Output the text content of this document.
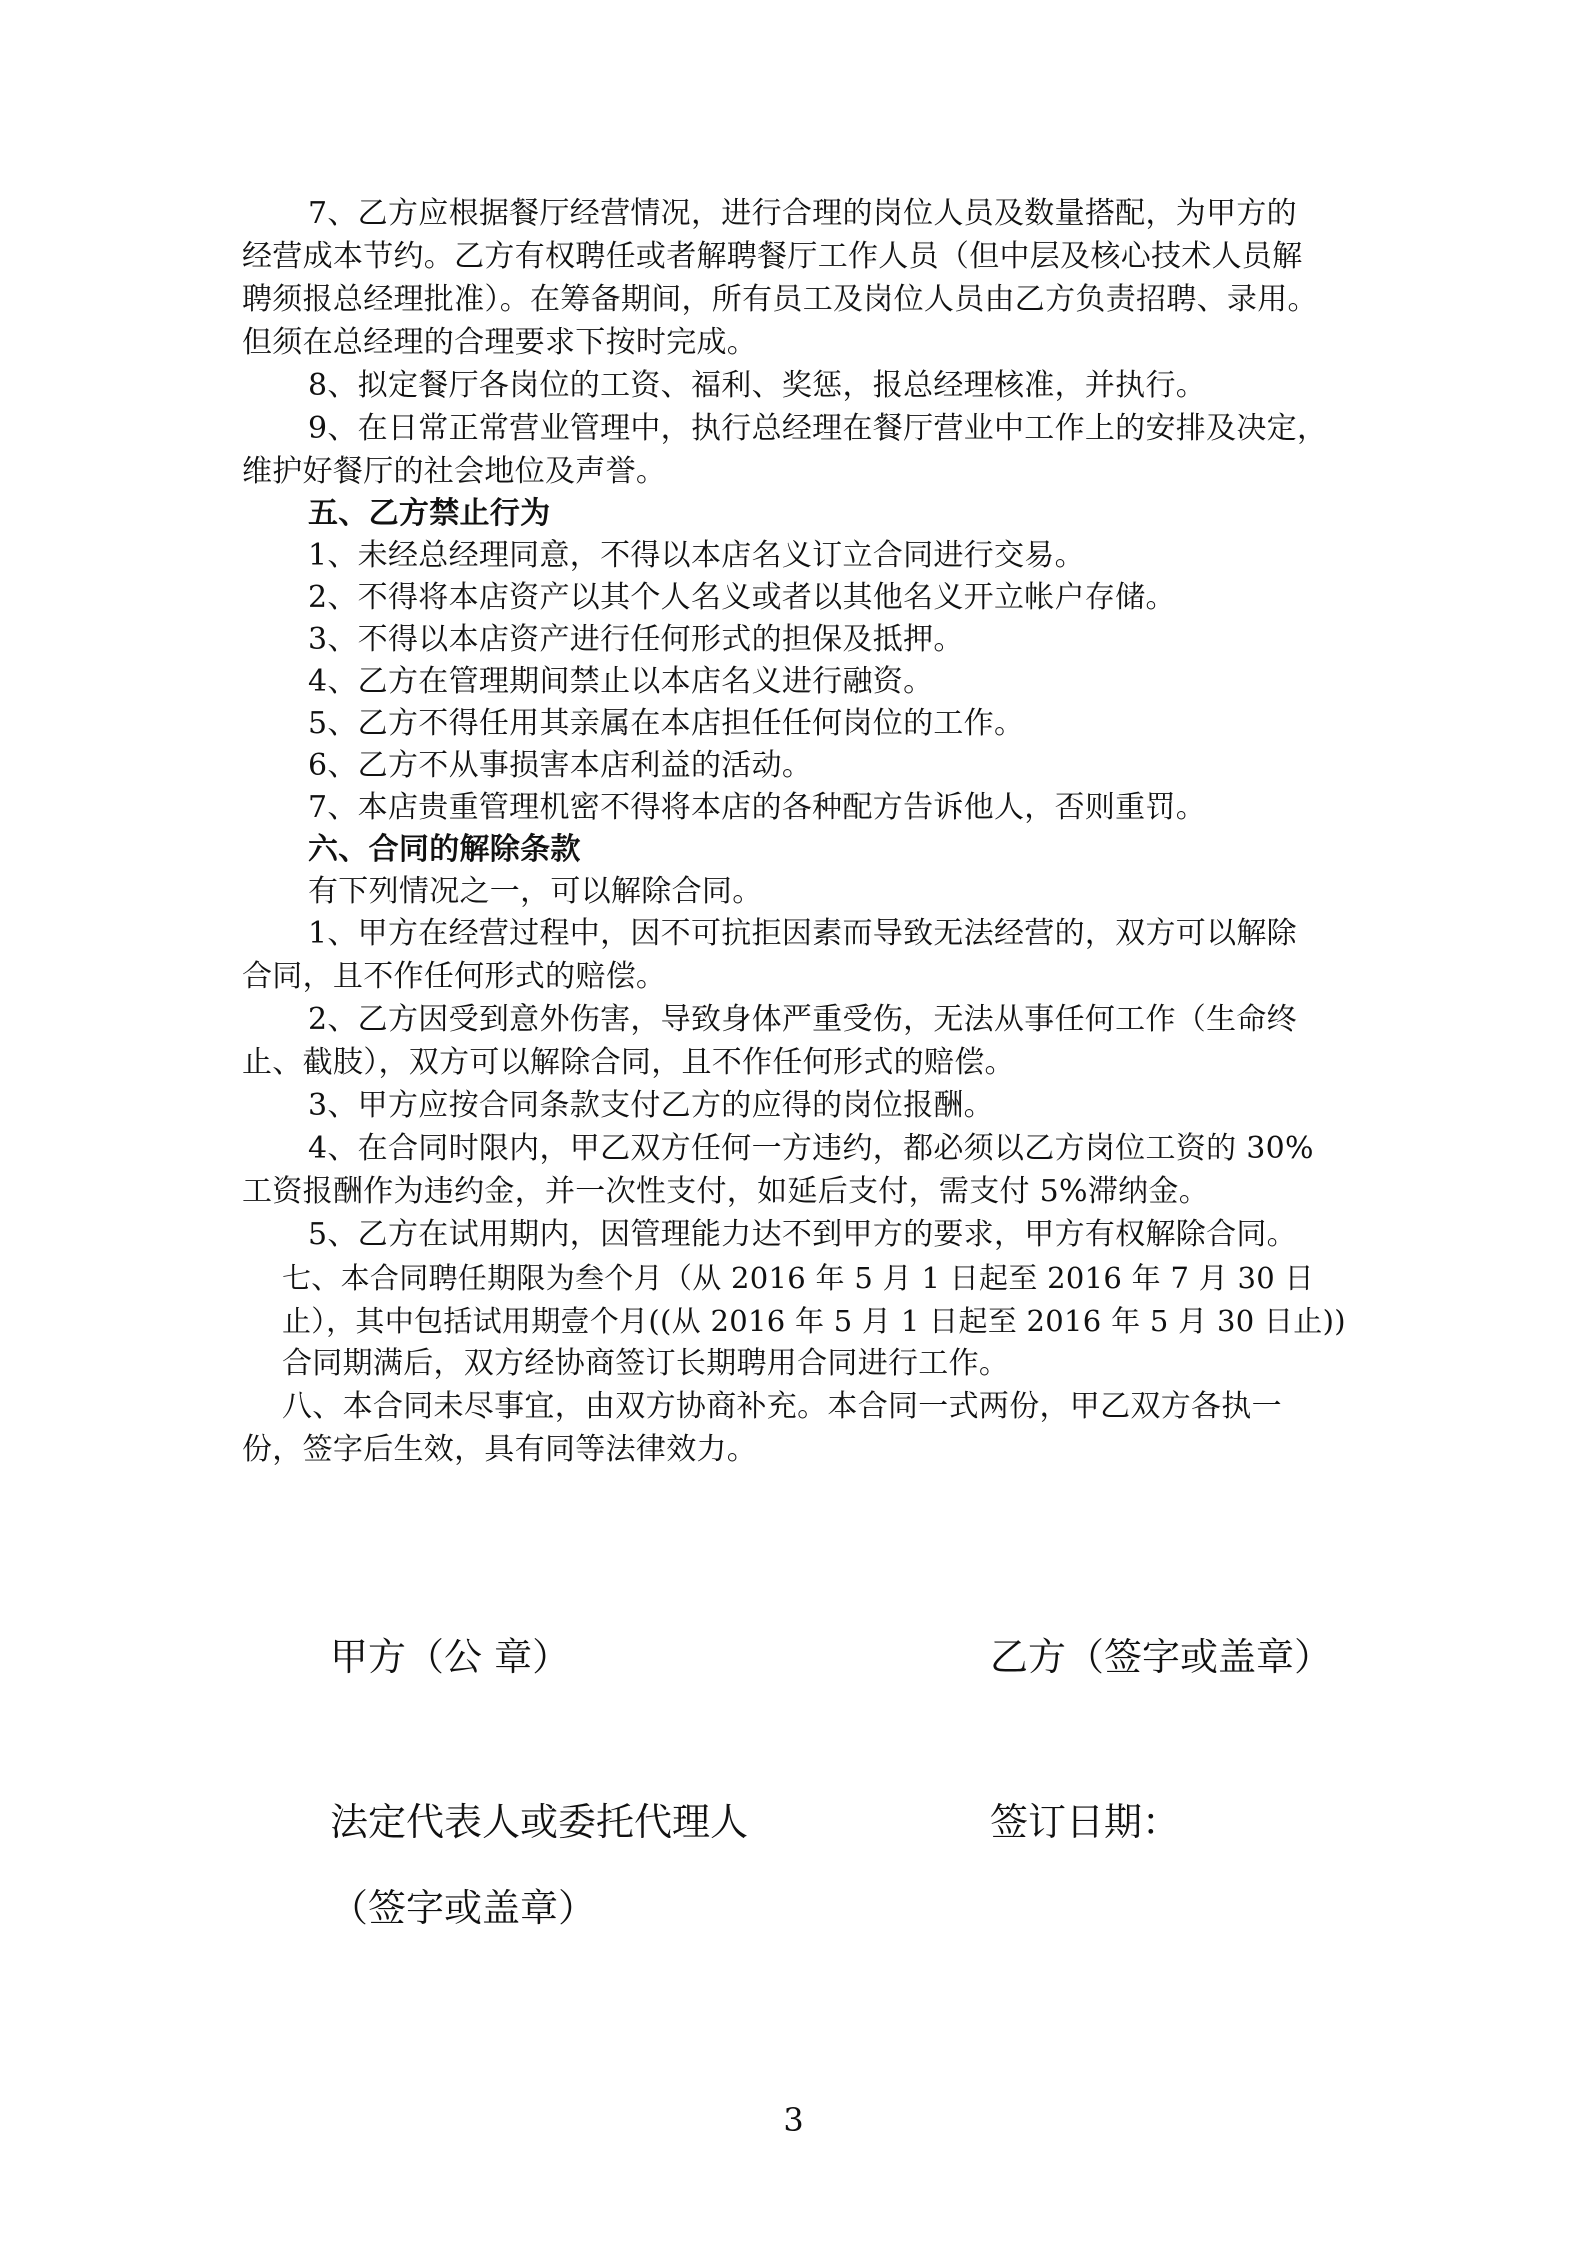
7、乙方应根据餐厅经营情况，进行合理的岗位人员及数量搭配，为甲方的

经营成本节约。乙方有权聘任或者解聘餐厅工作人员（但中层及核心技术人员解

聘须报总经理批准）。在筹备期间，所有员工及岗位人员由乙方负责招聘、录用。

但须在总经理的合理要求下按时完成。

8、拟定餐厅各岗位的工资、福利、奖惩，报总经理核准，并执行。

9、在日常正常营业管理中，执行总经理在餐厅营业中工作上的安排及决定，

维护好餐厅的社会地位及声誉。

五、乙方禁止行为

1、未经总经理同意，不得以本店名义订立合同进行交易。

2、不得将本店资产以其个人名义或者以其他名义开立帐户存储。

3、不得以本店资产进行任何形式的担保及抵押。

4、乙方在管理期间禁止以本店名义进行融资。

5、乙方不得任用其亲属在本店担任任何岗位的工作。

6、乙方不从事损害本店利益的活动。

7、本店贵重管理机密不得将本店的各种配方告诉他人，否则重罚。

六、合同的解除条款

有下列情况之一，可以解除合同。

1、甲方在经营过程中，因不可抗拒因素而导致无法经营的，双方可以解除

合同，且不作任何形式的赔偿。

2、乙方因受到意外伤害，导致身体严重受伤，无法从事任何工作（生命终

止、截肢），双方可以解除合同，且不作任何形式的赔偿。

3、甲方应按合同条款支付乙方的应得的岗位报酬。

4、在合同时限内，甲乙双方任何一方违约，都必须以乙方岗位工资的 30%

工资报酬作为违约金，并一次性支付，如延后支付，需支付 5%滞纳金。

5、乙方在试用期内，因管理能力达不到甲方的要求，甲方有权解除合同。

七、本合同聘任期限为叁个月（从 2016 年 5 月 1 日起至 2016 年 7 月 30 日

止），其中包括试用期壹个月((从 2016 年 5 月 1 日起至 2016 年 5 月 30 日止))

合同期满后，双方经协商签订长期聘用合同进行工作。

八、本合同未尽事宜，由双方协商补充。本合同一式两份，甲乙双方各执一

份，签字后生效，具有同等法律效力。

甲方（公 章）	乙方（签字或盖章）
法定代表人或委托代理人	签订日期：
（签字或盖章）
3
